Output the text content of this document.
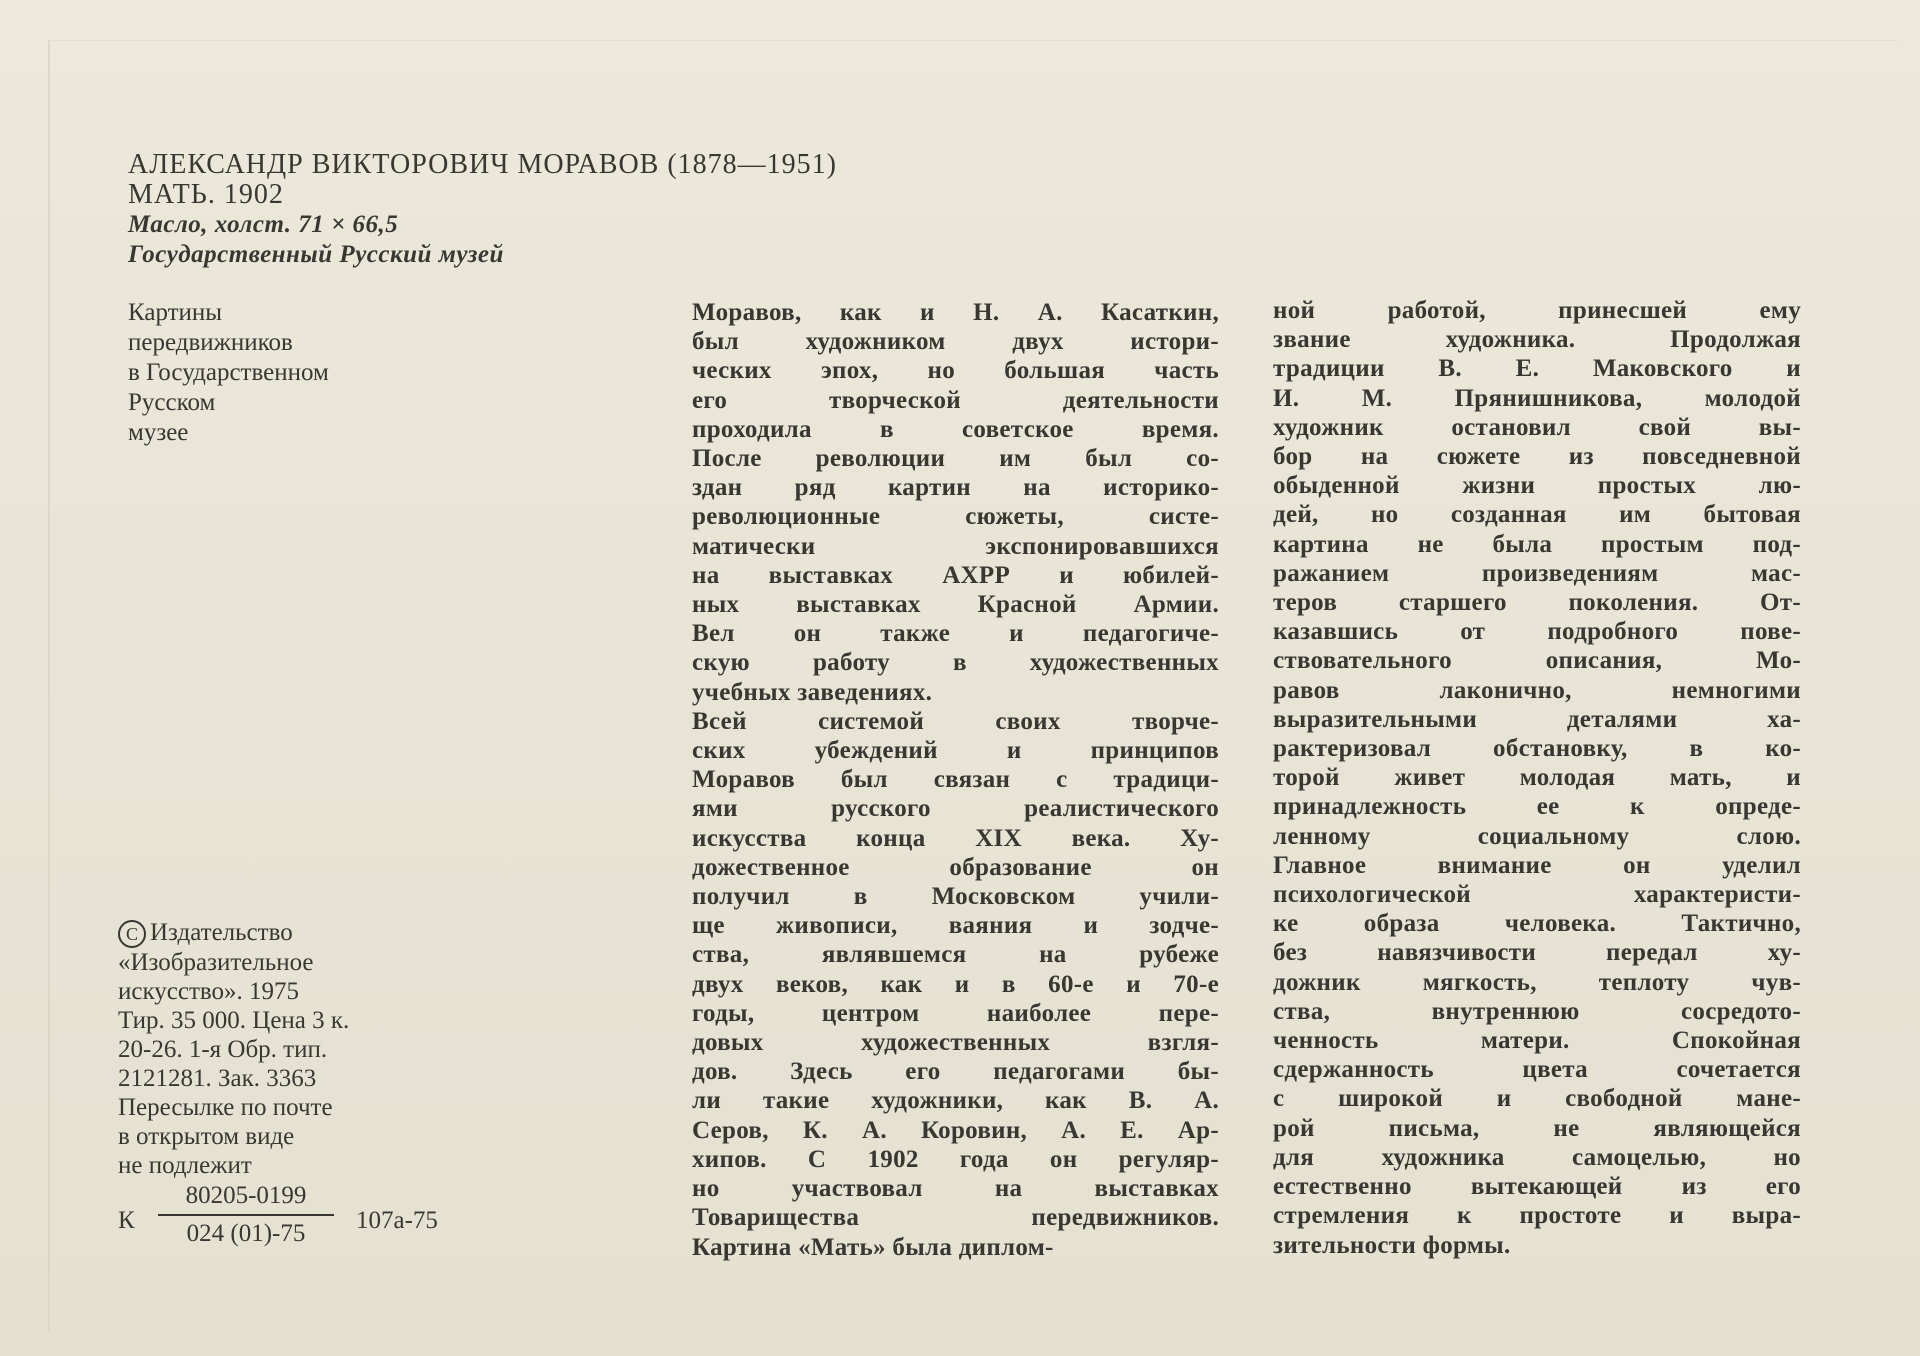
АЛЕКСАНДР ВИКТОРОВИЧ МОРАВОВ (1878—1951)
МАТЬ. 1902
Масло, холст. 71 × 66,5
Государственный Русский музей
Картины
передвижников
в Государственном
Русском
музее
Моравов, как и Н. А. Касаткин,
был художником двух истори-
ческих эпох, но большая часть
его творческой деятельности
проходила в советское время.
После революции им был со-
здан ряд картин на историко-
революционные сюжеты, систе-
матически экспонировавшихся
на выставках АХРР и юбилей-
ных выставках Красной Армии.
Вел он также и педагогиче-
скую работу в художественных
учебных заведениях.
Всей системой своих творче-
ских убеждений и принципов
Моравов был связан с традици-
ями русского реалистического
искусства конца XIX века. Ху-
дожественное образование он
получил в Московском учили-
ще живописи, ваяния и зодче-
ства, являвшемся на рубеже
двух веков, как и в 60-е и 70-е
годы, центром наиболее пере-
довых художественных взгля-
дов. Здесь его педагогами бы-
ли такие художники, как В. А.
Серов, К. А. Коровин, А. Е. Ар-
хипов. С 1902 года он регуляр-
но участвовал на выставках
Товарищества передвижников.
Картина «Мать» была диплом-
ной работой, принесшей ему
звание художника. Продолжая
традиции В. Е. Маковского и
И. М. Прянишникова, молодой
художник остановил свой вы-
бор на сюжете из повседневной
обыденной жизни простых лю-
дей, но созданная им бытовая
картина не была простым под-
ражанием произведениям мас-
теров старшего поколения. От-
казавшись от подробного пове-
ствовательного описания, Мо-
равов лаконично, немногими
выразительными деталями ха-
рактеризовал обстановку, в ко-
торой живет молодая мать, и
принадлежность ее к опреде-
ленному социальному слою.
Главное внимание он уделил
психологической характеристи-
ке образа человека. Тактично,
без навязчивости передал ху-
дожник мягкость, теплоту чув-
ства, внутреннюю сосредото-
ченность матери. Спокойная
сдержанность цвета сочетается
с широкой и свободной мане-
рой письма, не являющейся
для художника самоцелью, но
естественно вытекающей из его
стремления к простоте и выра-
зительности формы.
C Издательство
«Изобразительное
искусство». 1975
Тир. 35 000. Цена 3 к.
20-26. 1-я Обр. тип.
2121281. Зак. 3363
Пересылке по почте
в открытом виде
не подлежит
К
80205-0199
024 (01)-75	107а-75
